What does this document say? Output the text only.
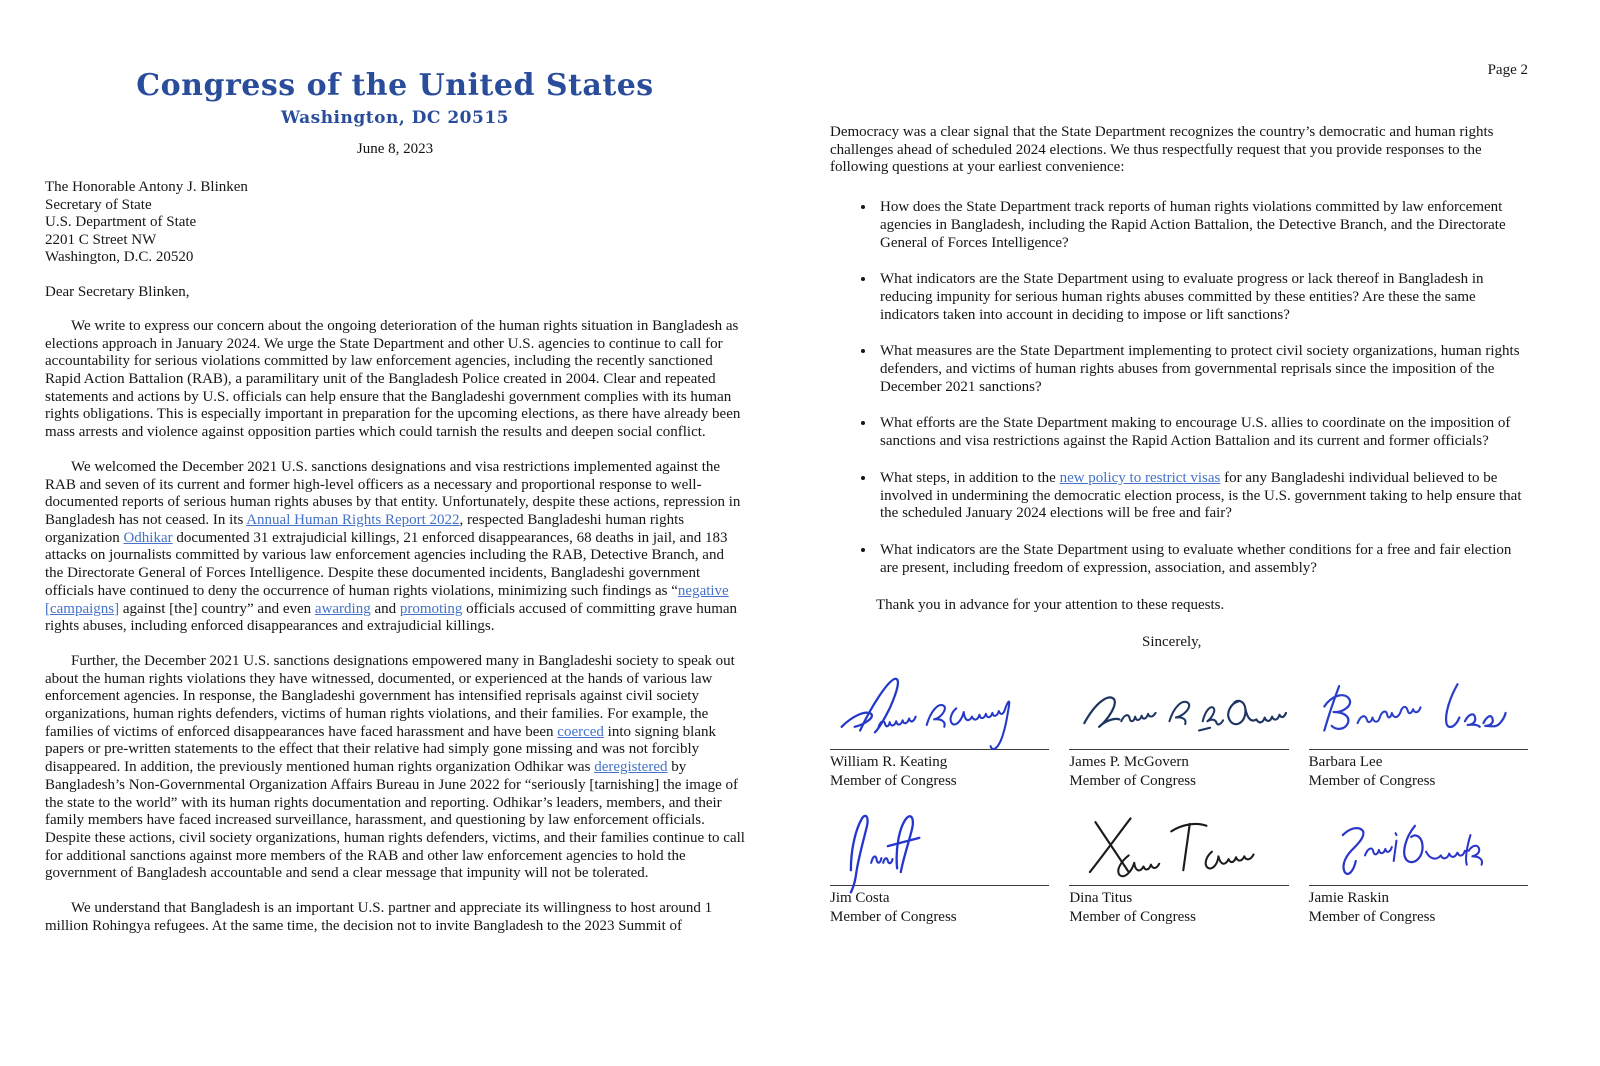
Congress of the United States
Washington, DC 20515
June 8, 2023
The Honorable Antony J. Blinken
Secretary of State
U.S. Department of State
2201 C Street NW
Washington, D.C. 20520
Dear Secretary Blinken,

We write to express our concern about the ongoing deterioration of the human rights situation in Bangladesh as elections approach in January 2024. We urge the State Department and other U.S. agencies to continue to call for accountability for serious violations committed by law enforcement agencies, including the recently sanctioned Rapid Action Battalion (RAB), a paramilitary unit of the Bangladesh Police created in 2004. Clear and repeated statements and actions by U.S. officials can help ensure that the Bangladeshi government complies with its human rights obligations. This is especially important in preparation for the upcoming elections, as there have already been mass arrests and violence against opposition parties which could tarnish the results and deepen social conflict.

We welcomed the December 2021 U.S. sanctions designations and visa restrictions implemented against the RAB and seven of its current and former high-level officers as a necessary and proportional response to well-documented reports of serious human rights abuses by that entity. Unfortunately, despite these actions, repression in Bangladesh has not ceased. In its Annual Human Rights Report 2022, respected Bangladeshi human rights organization Odhikar documented 31 extrajudicial killings, 21 enforced disappearances, 68 deaths in jail, and 183 attacks on journalists committed by various law enforcement agencies including the RAB, Detective Branch, and the Directorate General of Forces Intelligence. Despite these documented incidents, Bangladeshi government officials have continued to deny the occurrence of human rights violations, minimizing such findings as “negative [campaigns] against [the] country” and even awarding and promoting officials accused of committing grave human rights abuses, including enforced disappearances and extrajudicial killings.

Further, the December 2021 U.S. sanctions designations empowered many in Bangladeshi society to speak out about the human rights violations they have witnessed, documented, or experienced at the hands of various law enforcement agencies. In response, the Bangladeshi government has intensified reprisals against civil society organizations, human rights defenders, victims of human rights violations, and their families. For example, the families of victims of enforced disappearances have faced harassment and have been coerced into signing blank papers or pre-written statements to the effect that their relative had simply gone missing and was not forcibly disappeared. In addition, the previously mentioned human rights organization Odhikar was deregistered by Bangladesh’s Non-Governmental Organization Affairs Bureau in June 2022 for “seriously [tarnishing] the image of the state to the world” with its human rights documentation and reporting. Odhikar’s leaders, members, and their family members have faced increased surveillance, harassment, and questioning by law enforcement officials. Despite these actions, civil society organizations, human rights defenders, victims, and their families continue to call for additional sanctions against more members of the RAB and other law enforcement agencies to hold the government of Bangladesh accountable and send a clear message that impunity will not be tolerated.

We understand that Bangladesh is an important U.S. partner and appreciate its willingness to host around 1 million Rohingya refugees. At the same time, the decision not to invite Bangladesh to the 2023 Summit of

Page 2

Democracy was a clear signal that the State Department recognizes the country’s democratic and human rights challenges ahead of scheduled 2024 elections. We thus respectfully request that you provide responses to the following questions at your earliest convenience:

• How does the State Department track reports of human rights violations committed by law enforcement agencies in Bangladesh, including the Rapid Action Battalion, the Detective Branch, and the Directorate General of Forces Intelligence?
• What indicators are the State Department using to evaluate progress or lack thereof in Bangladesh in reducing impunity for serious human rights abuses committed by these entities? Are these the same indicators taken into account in deciding to impose or lift sanctions?
• What measures are the State Department implementing to protect civil society organizations, human rights defenders, and victims of human rights abuses from governmental reprisals since the imposition of the December 2021 sanctions?
• What efforts are the State Department making to encourage U.S. allies to coordinate on the imposition of sanctions and visa restrictions against the Rapid Action Battalion and its current and former officials?
• What steps, in addition to the new policy to restrict visas for any Bangladeshi individual believed to be involved in undermining the democratic election process, is the U.S. government taking to help ensure that the scheduled January 2024 elections will be free and fair?
• What indicators are the State Department using to evaluate whether conditions for a free and fair election are present, including freedom of expression, association, and assembly?
Thank you in advance for your attention to these requests.
Sincerely,
William R. Keating
Member of Congress
James P. McGovern
Member of Congress
Barbara Lee
Member of Congress
Jim Costa
Member of Congress
Dina Titus
Member of Congress
Jamie Raskin
Member of Congress
